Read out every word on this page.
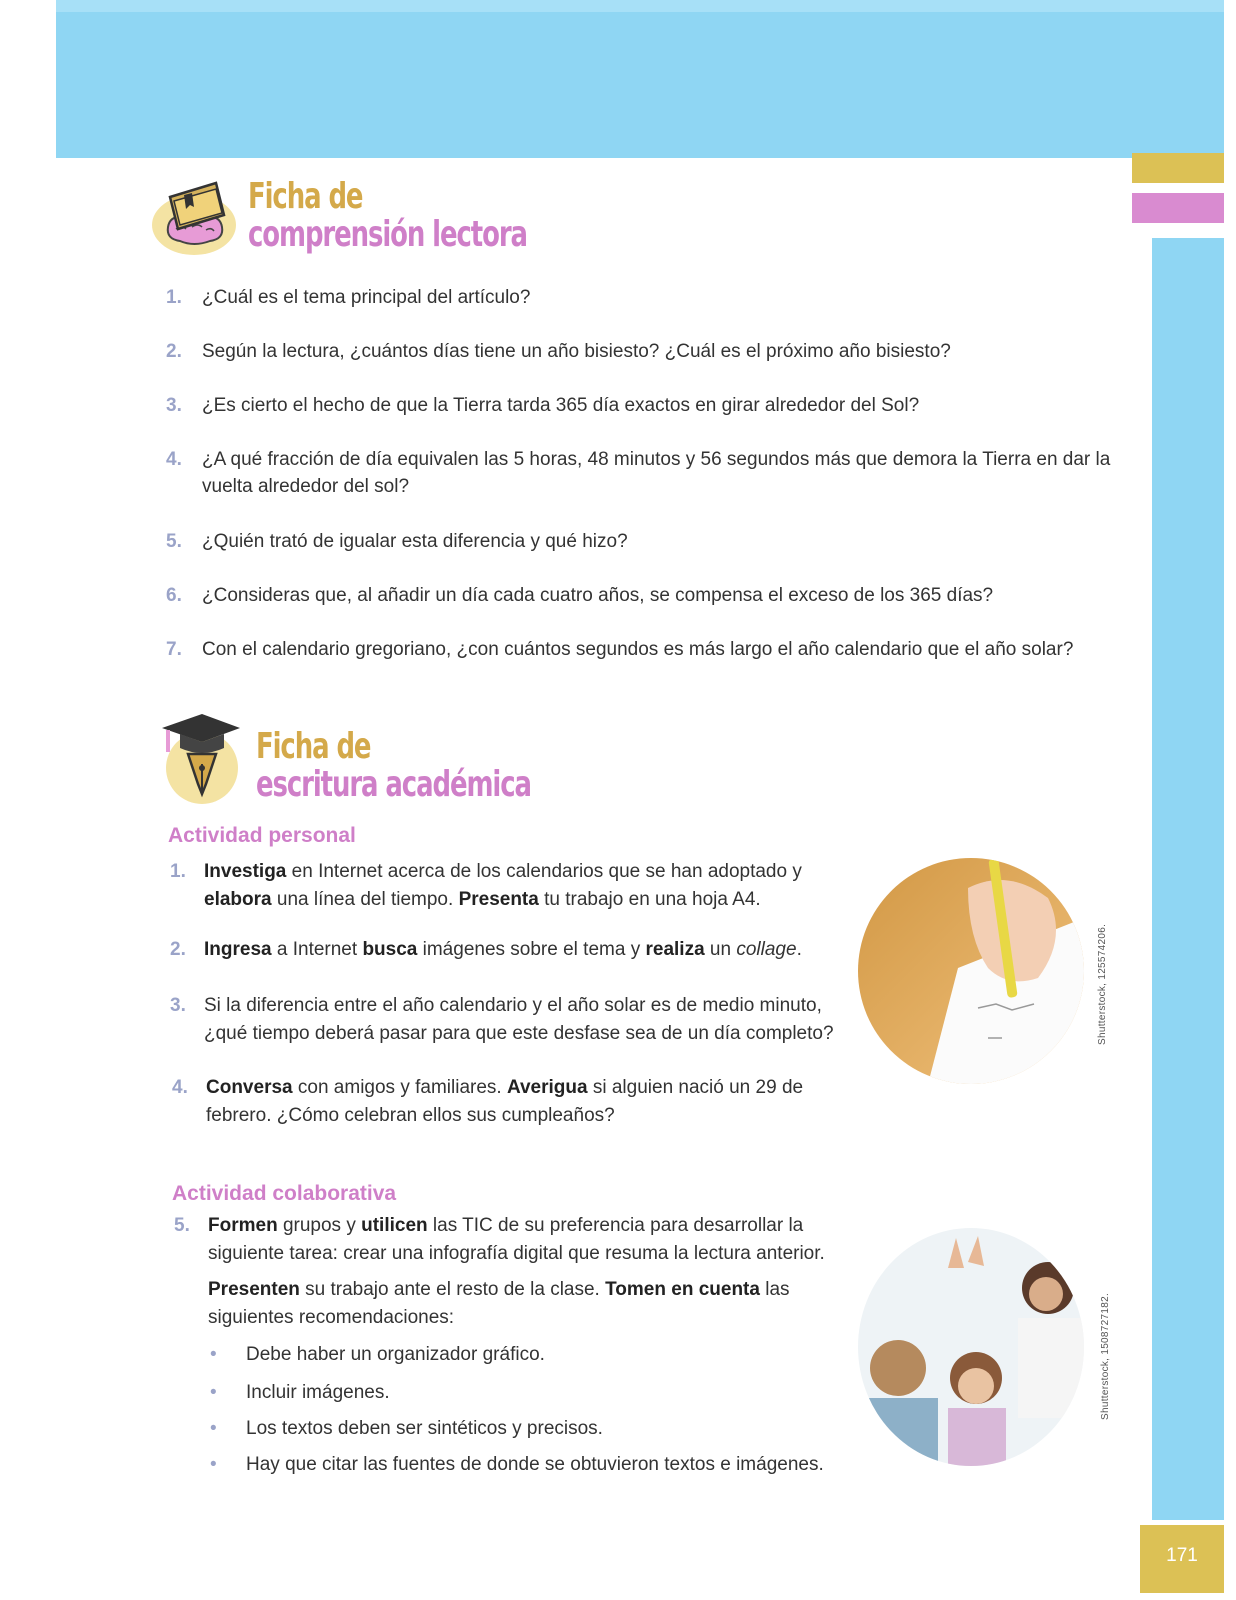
171
Ficha de
comprensión lectora
1. ¿Cuál es el tema principal del artículo?
2. Según la lectura, ¿cuántos días tiene un año bisiesto? ¿Cuál es el próximo año bisiesto?
3. ¿Es cierto el hecho de que la Tierra tarda 365 día exactos en girar alrededor del Sol?
4. ¿A qué fracción de día equivalen las 5 horas, 48 minutos y 56 segundos más que demora la Tierra en dar la vuelta alrededor del sol?
5. ¿Quién trató de igualar esta diferencia y qué hizo?
6. ¿Consideras que, al añadir un día cada cuatro años, se compensa el exceso de los 365 días?
7. Con el calendario gregoriano, ¿con cuántos segundos es más largo el año calendario que el año solar?
Ficha de
escritura académica
Actividad personal
1. Investiga en Internet acerca de los calendarios que se han adoptado y elabora una línea del tiempo. Presenta tu trabajo en una hoja A4.
2. Ingresa a Internet busca imágenes sobre el tema y realiza un collage.
3. Si la diferencia entre el año calendario y el año solar es de medio minuto, ¿qué tiempo deberá pasar para que este desfase sea de un día completo?
4. Conversa con amigos y familiares. Averigua si alguien nació un 29 de febrero. ¿Cómo celebran ellos sus cumpleaños?
Shutterstock, 125574206.
Actividad colaborativa
5. Formen grupos y utilicen las TIC de su preferencia para desarrollar la siguiente tarea: crear una infografía digital que resuma la lectura anterior.
Presenten su trabajo ante el resto de la clase. Tomen en cuenta las siguientes recomendaciones:
• Debe haber un organizador gráfico.
• Incluir imágenes.
• Los textos deben ser sintéticos y precisos.
• Hay que citar las fuentes de donde se obtuvieron textos e imágenes.
Shutterstock, 1508727182.
